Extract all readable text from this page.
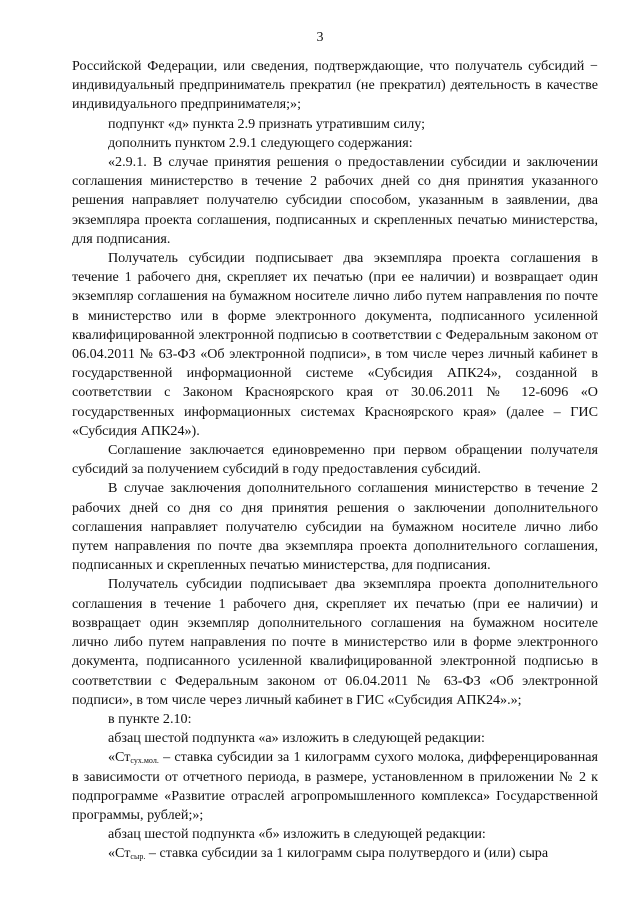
3

Российской Федерации, или сведения, подтверждающие, что получатель субсидий − индивидуальный предприниматель прекратил (не прекратил) деятельность в качестве индивидуального предпринимателя;»;

подпункт «д» пункта 2.9 признать утратившим силу;

дополнить пунктом 2.9.1 следующего содержания:

«2.9.1. В случае принятия решения о предоставлении субсидии и заключении соглашения министерство в течение 2 рабочих дней со дня принятия указанного решения направляет получателю субсидии способом, указанным в заявлении, два экземпляра проекта соглашения, подписанных и скрепленных печатью министерства, для подписания.

Получатель субсидии подписывает два экземпляра проекта соглашения в течение 1 рабочего дня, скрепляет их печатью (при ее наличии) и возвращает один экземпляр соглашения на бумажном носителе лично либо путем направления по почте в министерство или в форме электронного документа, подписанного усиленной квалифицированной электронной подписью в соответствии с Федеральным законом от 06.04.2011 № 63-ФЗ «Об электронной подписи», в том числе через личный кабинет в государственной информационной системе «Субсидия АПК24», созданной в соответствии с Законом Красноярского края от 30.06.2011 № 12-6096 «О государственных информационных системах Красноярского края» (далее – ГИС «Субсидия АПК24»).

Соглашение заключается единовременно при первом обращении получателя субсидий за получением субсидий в году предоставления субсидий.

В случае заключения дополнительного соглашения министерство в течение 2 рабочих дней со дня со дня принятия решения о заключении дополнительного соглашения направляет получателю субсидии на бумажном носителе лично либо путем направления по почте два экземпляра проекта дополнительного соглашения, подписанных и скрепленных печатью министерства, для подписания.

Получатель субсидии подписывает два экземпляра проекта дополнительного соглашения в течение 1 рабочего дня, скрепляет их печатью (при ее наличии) и возвращает один экземпляр дополнительного соглашения на бумажном носителе лично либо путем направления по почте в министерство или в форме электронного документа, подписанного усиленной квалифицированной электронной подписью в соответствии с Федеральным законом от 06.04.2011 № 63-ФЗ «Об электронной подписи», в том числе через личный кабинет в ГИС «Субсидия АПК24».»;

в пункте 2.10:

абзац шестой подпункта «а» изложить в следующей редакции:

«$Ст_{сух.мол.}$ – ставка субсидии за 1 килограмм сухого молока, дифференцированная в зависимости от отчетного периода, в размере, установленном в приложении № 2 к подпрограмме «Развитие отраслей агропромышленного комплекса» Государственной программы, рублей;»;

абзац шестой подпункта «б» изложить в следующей редакции:

«$Ст_{сыр.}$ – ставка субсидии за 1 килограмм сыра полутвердого и (или) сыра
